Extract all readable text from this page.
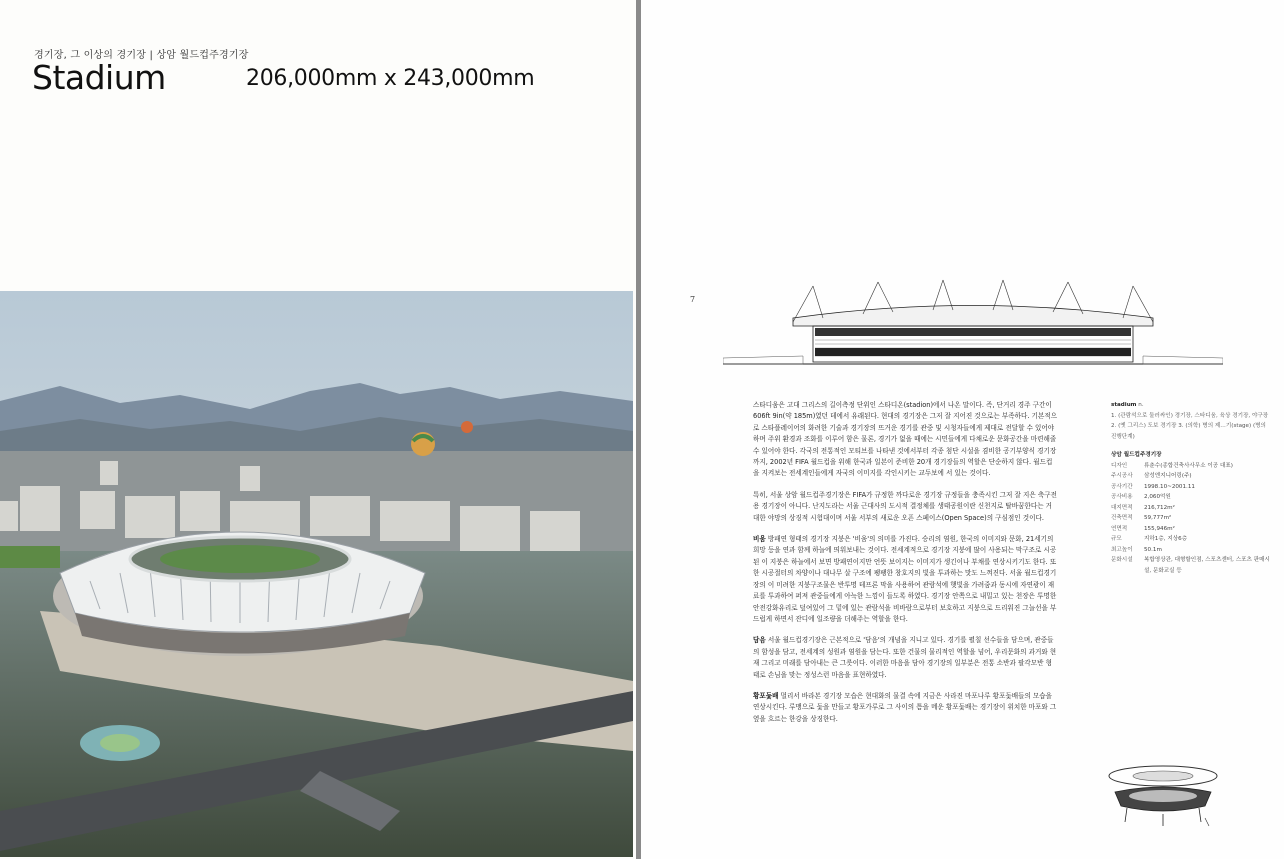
경기장, 그 이상의 경기장 | 상암 월드컵주경기장
Stadium	206,000mm x 243,000mm
7

스타디움은 고대 그리스의 길이측정 단위인 스타디온(stadion)에서 나온 말이다. 즉, 단거리 경주 구간이 606ft 9in(약 185m)였던 데에서 유래된다. 현대의 경기장은 그저 잘 지어진 것으로는 부족하다. 기본적으로 스타플레이어의 화려한 기술과 경기장의 뜨거운 경기를 관중 및 시청자들에게 제대로 전달할 수 있어야 하며 주위 환경과 조화를 이루어 함은 물론, 경기가 없을 때에는 시민들에게 다채로운 문화공간을 마련해줄 수 있어야 한다. 각국의 전통적인 모티브를 나타낸 것에서부터 각종 첨단 시설을 겸비한 공기부양식 경기장까지, 2002년 FIFA 월드컵을 위해 한국과 일본이 준비한 20개 경기장들의 역할은 단순하지 않다. 월드컵을 지켜보는 전세계인들에게 자국의 이미지를 각인시키는 교두보에 서 있는 것이다.

특히, 서울 상암 월드컵주경기장은 FIFA가 규정한 까다로운 경기장 규정들을 충족시킨 그저 잘 지은 축구전용 경기장이 아니다. 난지도라는 서울 근대사의 도시적 결정체를 생태공원이란 신천지로 탈바꿈한다는 거대한 야망의 상징적 시험대이며 서울 서부의 새로운 오픈 스페이스(Open Space)의 구심점인 것이다.

비움 방패연 형태의 경기장 지붕은 '비움'의 의미를 가진다. 승리의 염원, 한국의 이미지와 문화, 21세기의 희망 등을 연과 함께 하늘에 띄워보내는 것이다. 전세계적으로 경기장 지붕에 많이 사용되는 막구조로 시공된 이 지붕은 하늘에서 보면 방패연이지만 언뜻 보이지는 이미지가 생긴이나 부채를 연상시키기도 한다. 또한 시공절터의 차양이나 대나무 살 구조에 팽팽한 창호지의 빛을 투과하는 맛도 느껴진다. 서울 월드컵경기장의 이 미려한 지붕구조물은 반투명 테프론 막을 사용하여 관람석에 햇빛을 가려줌과 동시에 자연광이 재료를 투과하여 퍼져 관중들에게 아늑한 느낌이 들도록 하였다. 경기장 안쪽으로 내밀고 있는 천장은 투명한 안전강화유리로 덮여있어 그 밑에 있는 관람석을 비바람으로부터 보호하고 지붕으로 드리워진 그늘선을 부드럽게 하면서 잔디에 일조량을 더해주는 역할을 한다.

담음 서울 월드컵경기장은 근본적으로 '담음'의 개념을 지니고 있다. 경기를 펼칠 선수들을 담으며, 관중들의 함성을 담고, 전세계의 성원과 염원을 담는다. 또한 건물의 물리적인 역할을 넘어, 우리문화의 과거와 현재 그리고 미래를 담아내는 큰 그릇이다. 이러한 마음을 담아 경기장의 일부분은 전통 소반과 팔각모반 형태로 손님을 맞는 정성스런 마음을 표현하였다.

황포돛배 멀리서 바라본 경기장 모습은 현대화의 물결 속에 지금은 사라진 마포나루 황포돛배들의 모습을 연상시킨다. 루맹으로 돛을 만들고 황포가루로 그 사이의 틈을 메운 황포돛배는 경기장이 위치한 마포와 그 옆을 흐르는 한강을 상징한다.

stadium n.
1. (관람석으로 둘러싸인) 경기장, 스타디움, 육상 경기장, 야구장 2. (옛 그리스) 도보 경기장 3. (의학) 병의 제…기(stage) (병의 진행단계)
상암 월드컵주경기장
디자인	류춘수(종합건축사사무소 이공 대표)
주시공사	삼성엔지니어링(주)
공사기간	1998.10~2001.11
공사비용	2,060억원
대지면적	216,712m²
건축면적	59,777m²
연면적	155,946m²
규모	지하1층, 지상6층
최고높이	50.1m
문화시설	복합영상관, 대형할인점, 스포츠센터, 스포츠 판매시설, 문화교실 등
